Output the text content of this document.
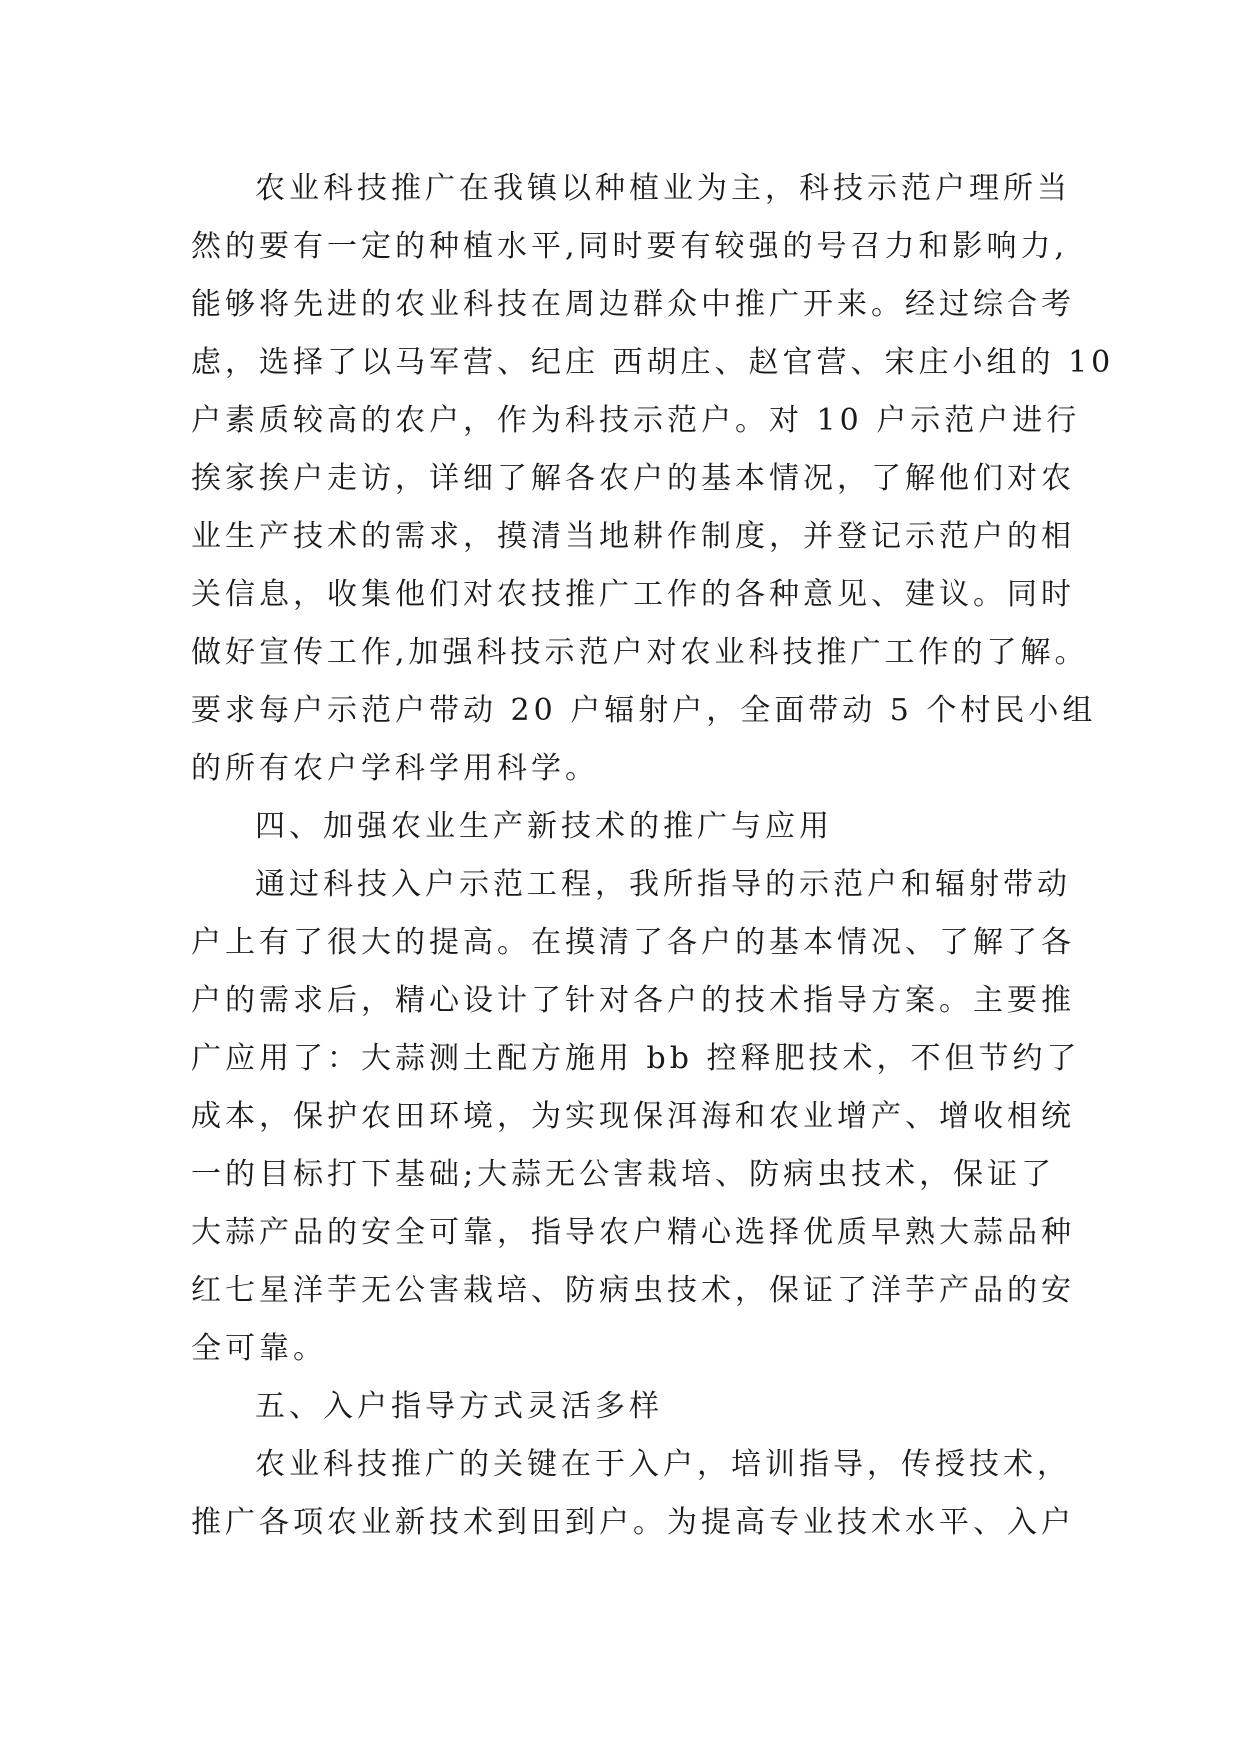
农业科技推广在我镇以种植业为主，科技示范户理所当
然的要有一定的种植水平,同时要有较强的号召力和影响力,
能够将先进的农业科技在周边群众中推广开来。经过综合考
虑，选择了以马军营、纪庄 西胡庄、赵官营、宋庄小组的 10
户素质较高的农户，作为科技示范户。对 10 户示范户进行
挨家挨户走访，详细了解各农户的基本情况，了解他们对农
业生产技术的需求，摸清当地耕作制度，并登记示范户的相
关信息，收集他们对农技推广工作的各种意见、建议。同时
做好宣传工作,加强科技示范户对农业科技推广工作的了解。
要求每户示范户带动 20 户辐射户，全面带动 5 个村民小组
的所有农户学科学用科学。
四、加强农业生产新技术的推广与应用
通过科技入户示范工程，我所指导的示范户和辐射带动
户上有了很大的提高。在摸清了各户的基本情况、了解了各
户的需求后，精心设计了针对各户的技术指导方案。主要推
广应用了：大蒜测土配方施用 bb 控释肥技术，不但节约了
成本，保护农田环境，为实现保洱海和农业增产、增收相统
一的目标打下基础;大蒜无公害栽培、防病虫技术，保证了
大蒜产品的安全可靠，指导农户精心选择优质早熟大蒜品种
红七星洋芋无公害栽培、防病虫技术，保证了洋芋产品的安
全可靠。
五、入户指导方式灵活多样
农业科技推广的关键在于入户，培训指导，传授技术，
推广各项农业新技术到田到户。为提高专业技术水平、入户
